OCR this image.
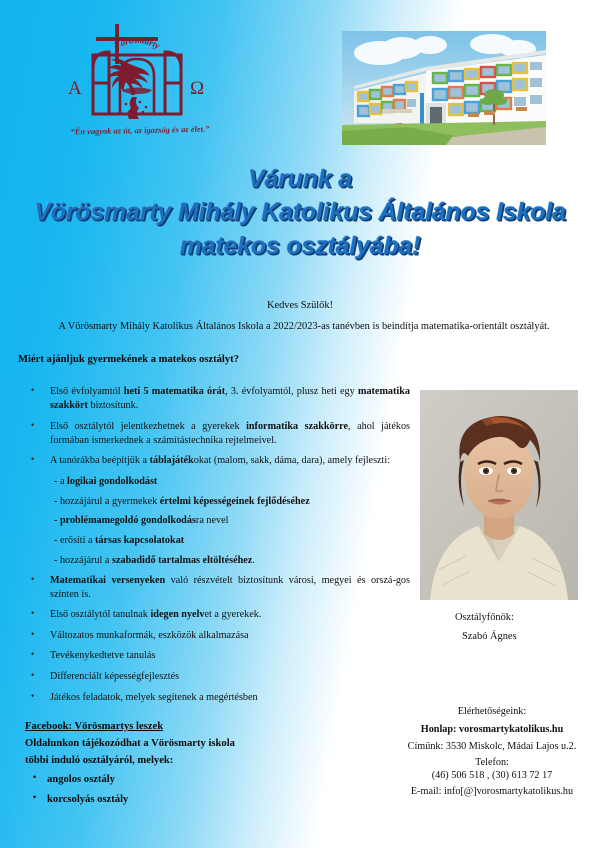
Vörösmarty
A	Ω
“Én vagyok az út, az igazság és az élet.”
Várunk a
Vörösmarty Mihály Katolikus Általános Iskola
matekos osztályába!
Kedves Szülők!
A Vörösmarty Mihály Katolikus Általános Iskola a 2022/2023-as tanévben is beindítja matematika-orientált osztályát.
Miért ajánljuk gyermekének a matekos osztályt?
• Első évfolyamtól heti 5 matematika órát, 3. évfolyamtól, plusz heti egy matematika szakkört biztosítunk.
• Első osztálytól jelentkezhetnek a gyerekek informatika szakkörre, ahol játékos formában ismerkednek a számítástechnika rejtelmeivel.
• A tanórákba beépítjük a táblajátékokat (malom, sakk, dáma, dara), amely fejleszti:
- a logikai gondolkodást
- hozzájárul a gyermekek értelmi képességeinek fejlődéséhez
- problémamegoldó gondolkodásra nevel
- erősíti a társas kapcsolatokat
- hozzájárul a szabadidő tartalmas eltöltéséhez.
• Matematikai versenyeken való részvételt biztosítunk városi, megyei és orszá-gos szinten is.
• Első osztálytól tanulnak idegen nyelvet a gyerekek.
• Változatos munkaformák, eszközök alkalmazása
• Tevékenykedtetve tanulás
• Differenciált képességfejlesztés
• Játékos feladatok, melyek segítenek a megértésben
Osztályfőnök:
Szabó Ágnes
Facebook: Vörösmartys leszek
Oldalunkon tájékozódhat a Vörösmarty iskola
többi induló osztályáról, melyek:
• angolos osztály
• korcsolyás osztály
Elérhetőségeink:
Honlap: vorosmartykatolikus.hu
Címünk: 3530 Miskolc, Mádai Lajos u.2.
Telefon:
(46) 506 518 , (30) 613 72 17
E-mail: info[@]vorosmartykatolikus.hu
